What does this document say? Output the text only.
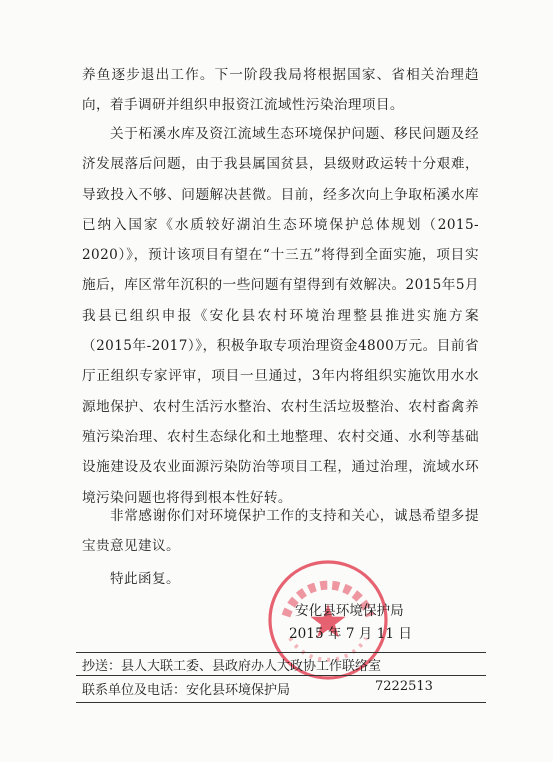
养鱼逐步退出工作。下一阶段我局将根据国家、省相关治理趋向，着手调研并组织申报资江流域性污染治理项目。
关于柘溪水库及资江流域生态环境保护问题、移民问题及经济发展落后问题，由于我县属国贫县，县级财政运转十分艰难，导致投入不够、问题解决甚微。目前，经多次向上争取柘溪水库已纳入国家《水质较好湖泊生态环境保护总体规划（2015-2020）》，预计该项目有望在“十三五”将得到全面实施，项目实施后，库区常年沉积的一些问题有望得到有效解决。2015年5月我县已组织申报《安化县农村环境治理整县推进实施方案（2015年-2017）》，积极争取专项治理资金4800万元。目前省厅正组织专家评审，项目一旦通过，3年内将组织实施饮用水水源地保护、农村生活污水整治、农村生活垃圾整治、农村畜禽养殖污染治理、农村生态绿化和土地整理、农村交通、水利等基础设施建设及农业面源污染防治等项目工程，通过治理，流域水环境污染问题也将得到根本性好转。
非常感谢你们对环境保护工作的支持和关心，诚恳希望多提宝贵意见建议。
特此函复。
安化县环境保护局
2015 年 7 月 11 日
抄送：县人大联工委、县政府办人大政协工作联络室
联系单位及电话：安化县环境保护局	7222513
